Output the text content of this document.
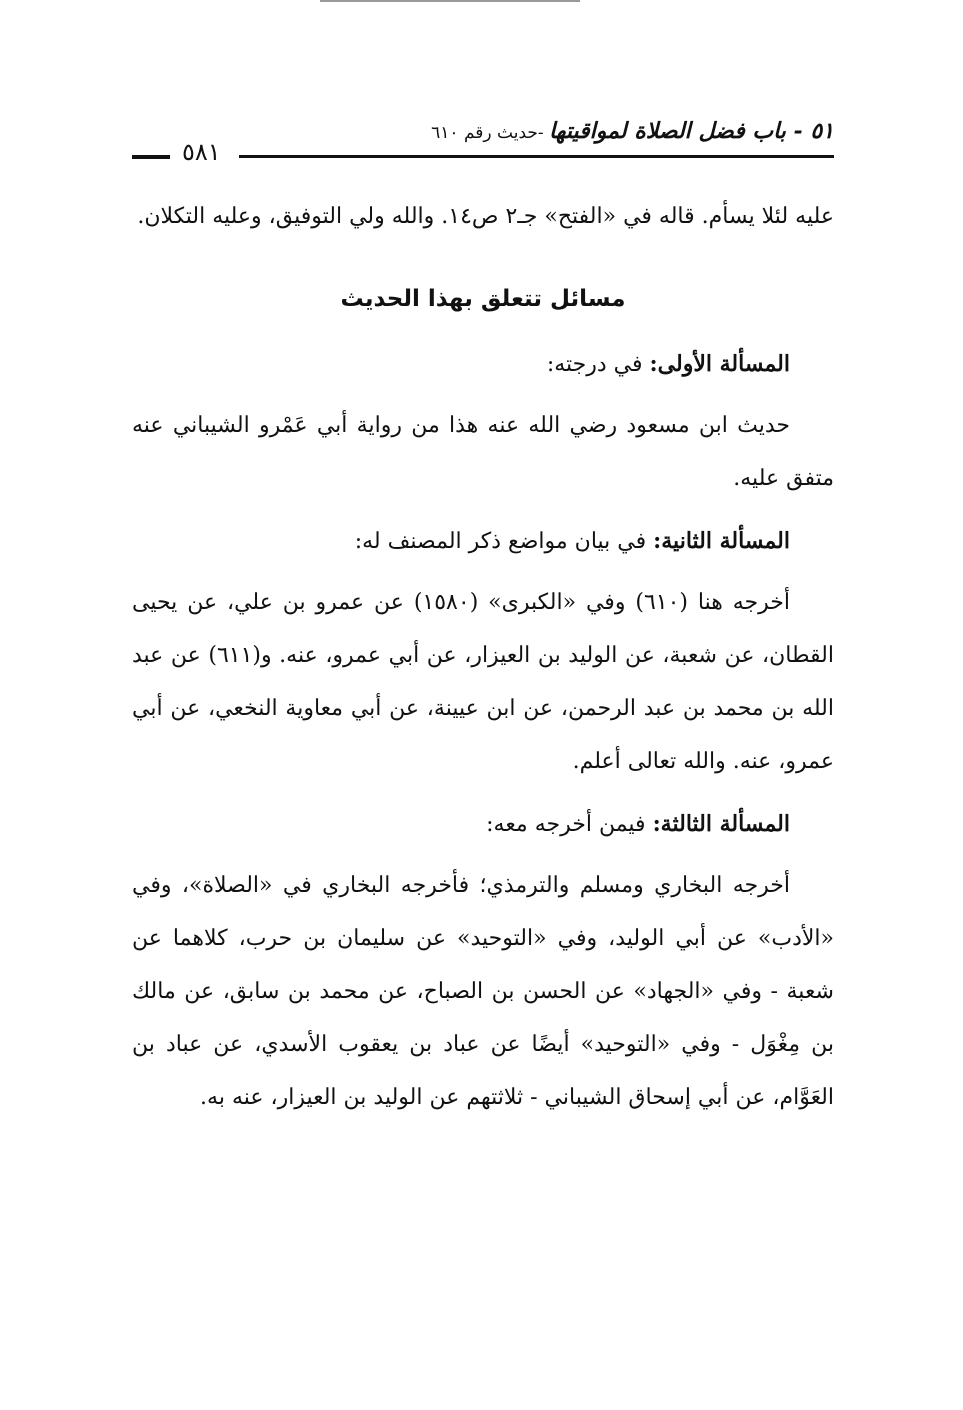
٥١ - باب فضل الصلاة لمواقيتها -حديث رقم ٦١٠
٥٨١

عليه لئلا يسأم. قاله في «الفتح» جـ٢ ص١٤. والله ولي التوفيق، وعليه التكلان.

مسائل تتعلق بهذا الحديث

المسألة الأولى: في درجته:

حديث ابن مسعود رضي الله عنه هذا من رواية أبي عَمْرو الشيباني عنه متفق عليه.

المسألة الثانية: في بيان مواضع ذكر المصنف له:

أخرجه هنا (٦١٠) وفي «الكبرى» (١٥٨٠) عن عمرو بن علي، عن يحيى القطان، عن شعبة، عن الوليد بن العيزار، عن أبي عمرو، عنه. و(٦١١) عن عبد الله بن محمد بن عبد الرحمن، عن ابن عيينة، عن أبي معاوية النخعي، عن أبي عمرو، عنه. والله تعالى أعلم.

المسألة الثالثة: فيمن أخرجه معه:

أخرجه البخاري ومسلم والترمذي؛ فأخرجه البخاري في «الصلاة»، وفي «الأدب» عن أبي الوليد، وفي «التوحيد» عن سليمان بن حرب، كلاهما عن شعبة - وفي «الجهاد» عن الحسن بن الصباح، عن محمد بن سابق، عن مالك بن مِغْوَل - وفي «التوحيد» أيضًا عن عباد بن يعقوب الأسدي، عن عباد بن العَوَّام، عن أبي إسحاق الشيباني - ثلاثتهم عن الوليد بن العيزار، عنه به.
